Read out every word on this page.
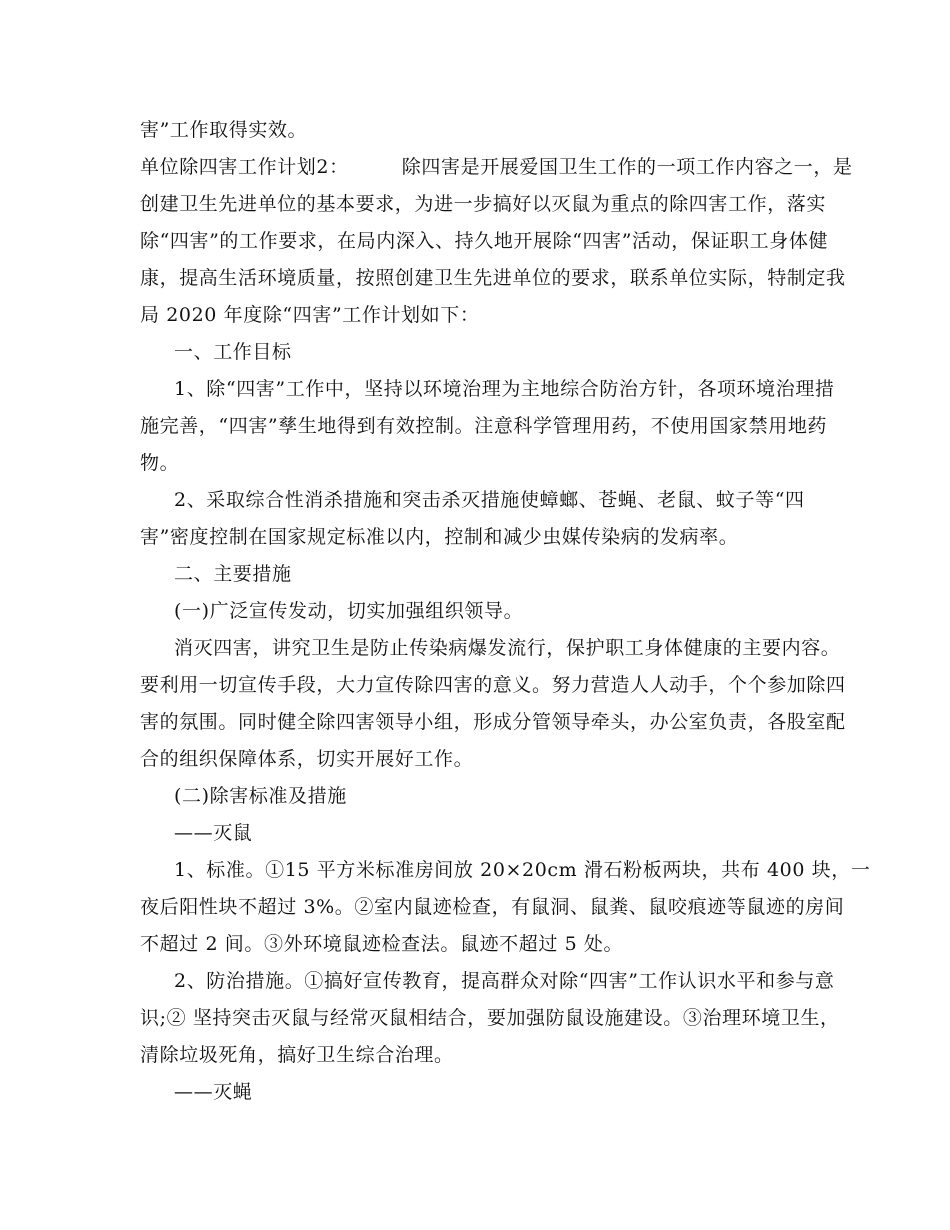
害”工作取得实效。
单位除四害工作计划2：        除四害是开展爱国卫生工作的一项工作内容之一，是
创建卫生先进单位的基本要求，为进一步搞好以灭鼠为重点的除四害工作，落实
除“四害”的工作要求，在局内深入、持久地开展除“四害”活动，保证职工身体健
康，提高生活环境质量，按照创建卫生先进单位的要求，联系单位实际，特制定我
局 2020 年度除“四害”工作计划如下：
一、工作目标
1、除“四害”工作中，坚持以环境治理为主地综合防治方针，各项环境治理措
施完善，“四害”孳生地得到有效控制。注意科学管理用药，不使用国家禁用地药
物。
2、采取综合性消杀措施和突击杀灭措施使蟑螂、苍蝇、老鼠、蚊子等“四
害”密度控制在国家规定标准以内，控制和减少虫媒传染病的发病率。
二、主要措施
(一)广泛宣传发动，切实加强组织领导。
消灭四害，讲究卫生是防止传染病爆发流行，保护职工身体健康的主要内容。
要利用一切宣传手段，大力宣传除四害的意义。努力营造人人动手，个个参加除四
害的氛围。同时健全除四害领导小组，形成分管领导牵头，办公室负责，各股室配
合的组织保障体系，切实开展好工作。
(二)除害标准及措施
——灭鼠
1、标准。①15 平方米标准房间放 20×20cm 滑石粉板两块，共布 400 块，一
夜后阳性块不超过 3%。②室内鼠迹检查，有鼠洞、鼠粪、鼠咬痕迹等鼠迹的房间
不超过 2 间。③外环境鼠迹检查法。鼠迹不超过 5 处。
2、防治措施。①搞好宣传教育，提高群众对除“四害”工作认识水平和参与意
识;② 坚持突击灭鼠与经常灭鼠相结合，要加强防鼠设施建设。③治理环境卫生，
清除垃圾死角，搞好卫生综合治理。
——灭蝇
